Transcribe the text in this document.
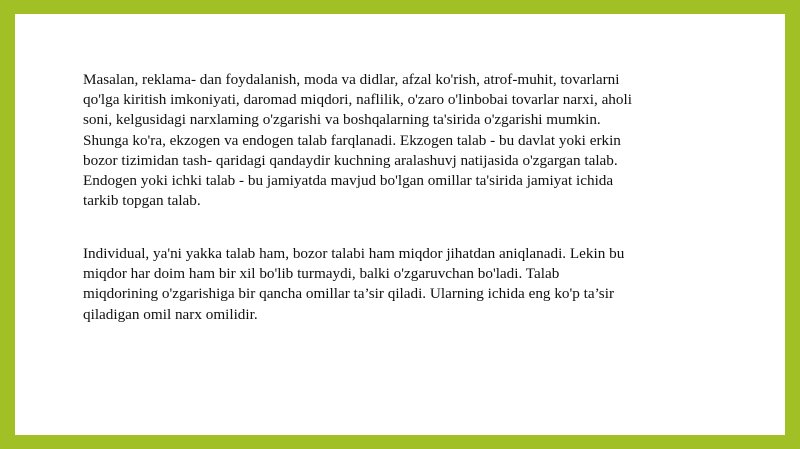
Masalan, reklama- dan foydalanish, moda va didlar, afzal ko'rish, atrof-muhit, tovarlarni
qo'lga kiritish imkoniyati, daromad miqdori, naflilik, o'zaro o'linbobai tovarlar narxi, aholi
soni, kelgusidagi narxlaming o'zgarishi va boshqalarning ta'sirida o'zgarishi mumkin.
Shunga ko'ra, ekzogen va endogen talab farqlanadi. Ekzogen talab - bu davlat yoki erkin
bozor tizimidan tash- qaridagi qandaydir kuchning aralashuvj natijasida o'zgargan talab.
Endogen yoki ichki talab - bu jamiyatda mavjud bo'lgan omillar ta'sirida jamiyat ichida
tarkib topgan talab.

Individual, ya'ni yakka talab ham, bozor talabi ham miqdor jihatdan aniqlanadi. Lekin bu
miqdor har doim ham bir xil bo'lib turmaydi, balki o'zgaruvchan bo'ladi. Talab
miqdorining o'zgarishiga bir qancha omillar ta’sir qiladi. Ularning ichida eng ko'p ta’sir
qiladigan omil narx omilidir.
